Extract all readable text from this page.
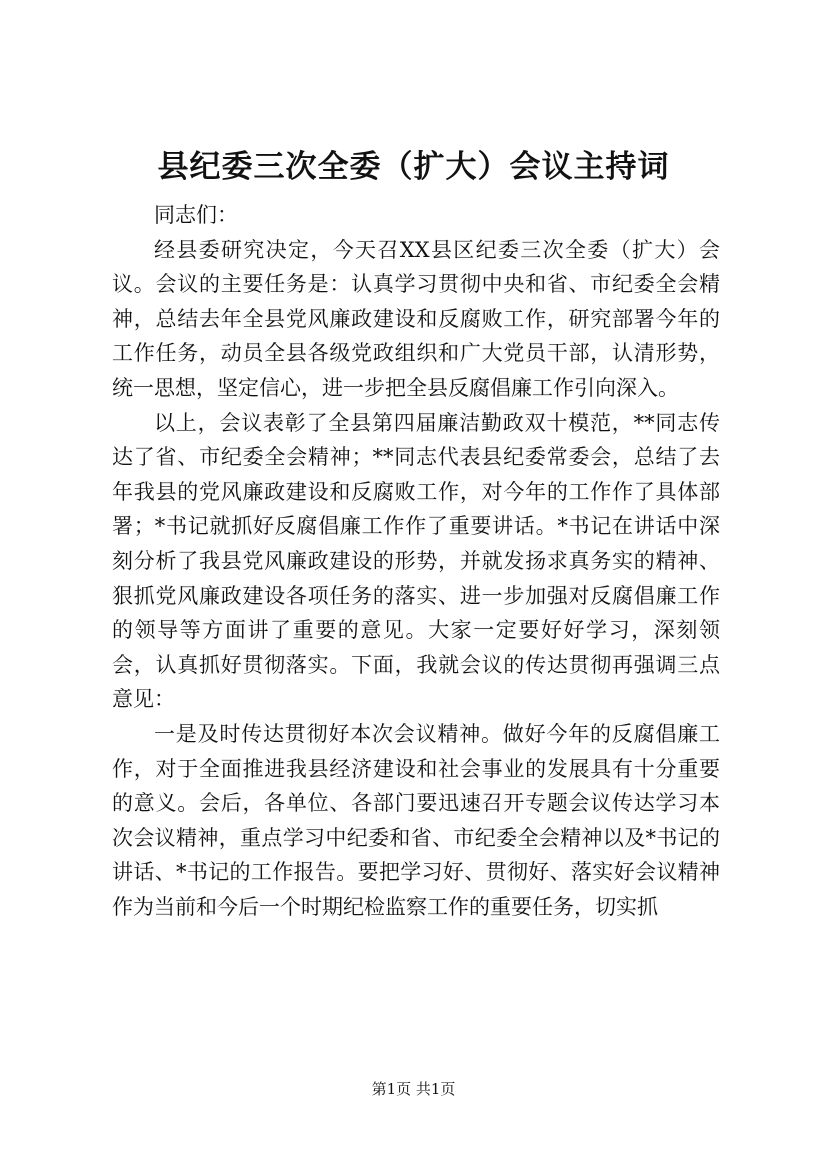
县纪委三次全委（扩大）会议主持词

同志们：

经县委研究决定，今天召XX县区纪委三次全委（扩大）会议。会议的主要任务是：认真学习贯彻中央和省、市纪委全会精神，总结去年全县党风廉政建设和反腐败工作，研究部署今年的工作任务，动员全县各级党政组织和广大党员干部，认清形势，统一思想，坚定信心，进一步把全县反腐倡廉工作引向深入。

以上，会议表彰了全县第四届廉洁勤政双十模范，**同志传达了省、市纪委全会精神；**同志代表县纪委常委会，总结了去年我县的党风廉政建设和反腐败工作，对今年的工作作了具体部署；*书记就抓好反腐倡廉工作作了重要讲话。*书记在讲话中深刻分析了我县党风廉政建设的形势，并就发扬求真务实的精神、狠抓党风廉政建设各项任务的落实、进一步加强对反腐倡廉工作的领导等方面讲了重要的意见。大家一定要好好学习，深刻领会，认真抓好贯彻落实。下面，我就会议的传达贯彻再强调三点意见：

一是及时传达贯彻好本次会议精神。做好今年的反腐倡廉工作，对于全面推进我县经济建设和社会事业的发展具有十分重要的意义。会后，各单位、各部门要迅速召开专题会议传达学习本次会议精神，重点学习中纪委和省、市纪委全会精神以及*书记的讲话、*书记的工作报告。要把学习好、贯彻好、落实好会议精神作为当前和今后一个时期纪检监察工作的重要任务，切实抓

第1页 共1页
